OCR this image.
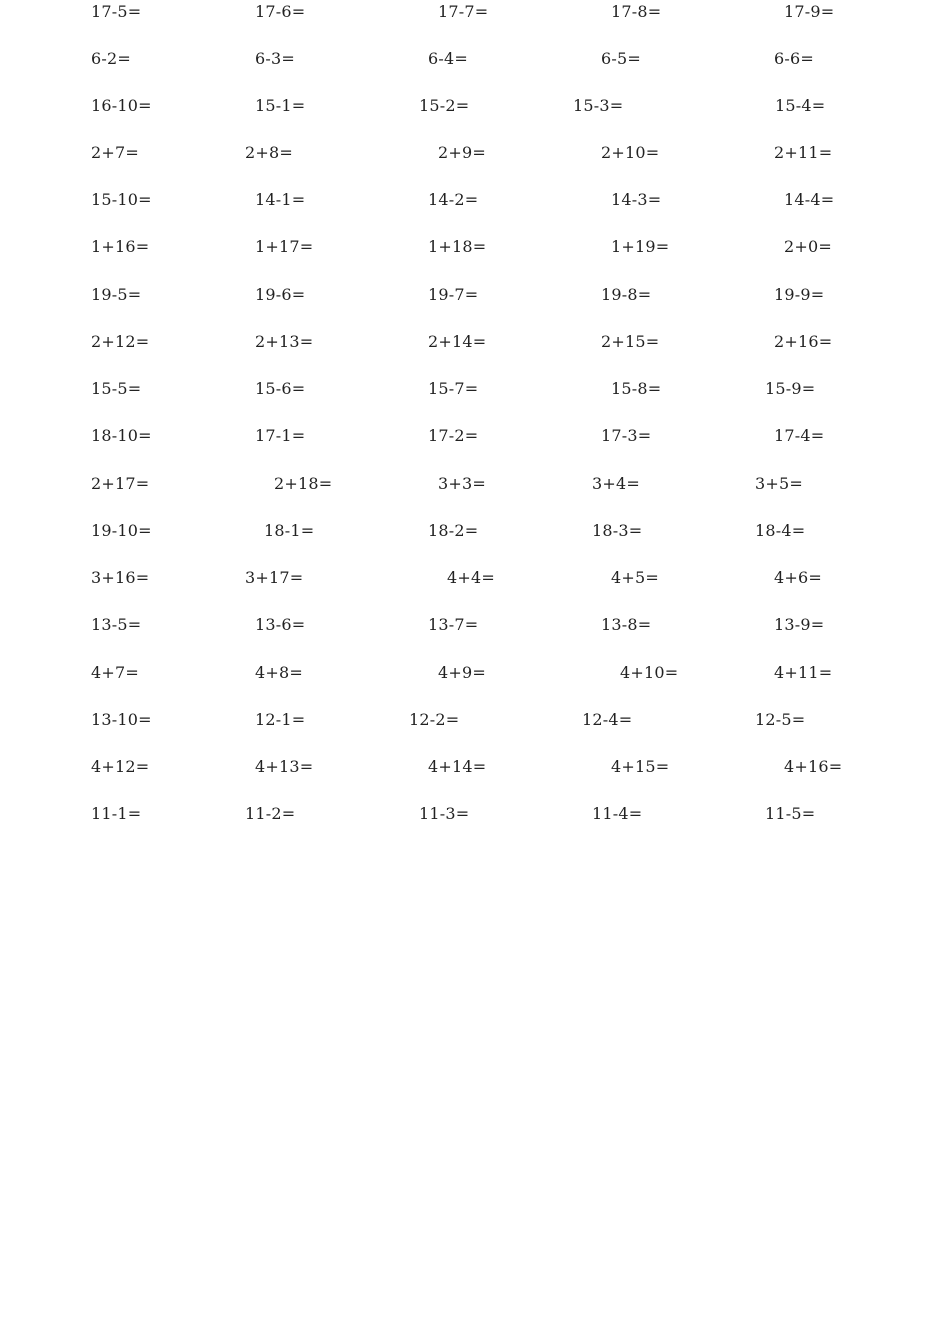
17-5=	17-6=	17-7=	17-8=	17-9=
6-2=	6-3=	6-4=	6-5=	6-6=
16-10=	15-1=	15-2=	15-3=	15-4=
2+7=	2+8=	2+9=	2+10=	2+11=
15-10=	14-1=	14-2=	14-3=	14-4=
1+16=	1+17=	1+18=	1+19=	2+0=
19-5=	19-6=	19-7=	19-8=	19-9=
2+12=	2+13=	2+14=	2+15=	2+16=
15-5=	15-6=	15-7=	15-8=	15-9=
18-10=	17-1=	17-2=	17-3=	17-4=
2+17=	2+18=	3+3=	3+4=	3+5=
19-10=	18-1=	18-2=	18-3=	18-4=
3+16=	3+17=	4+4=	4+5=	4+6=
13-5=	13-6=	13-7=	13-8=	13-9=
4+7=	4+8=	4+9=	4+10=	4+11=
13-10=	12-1=	12-2=	12-4=	12-5=
4+12=	4+13=	4+14=	4+15=	4+16=
11-1=	11-2=	11-3=	11-4=	11-5=
